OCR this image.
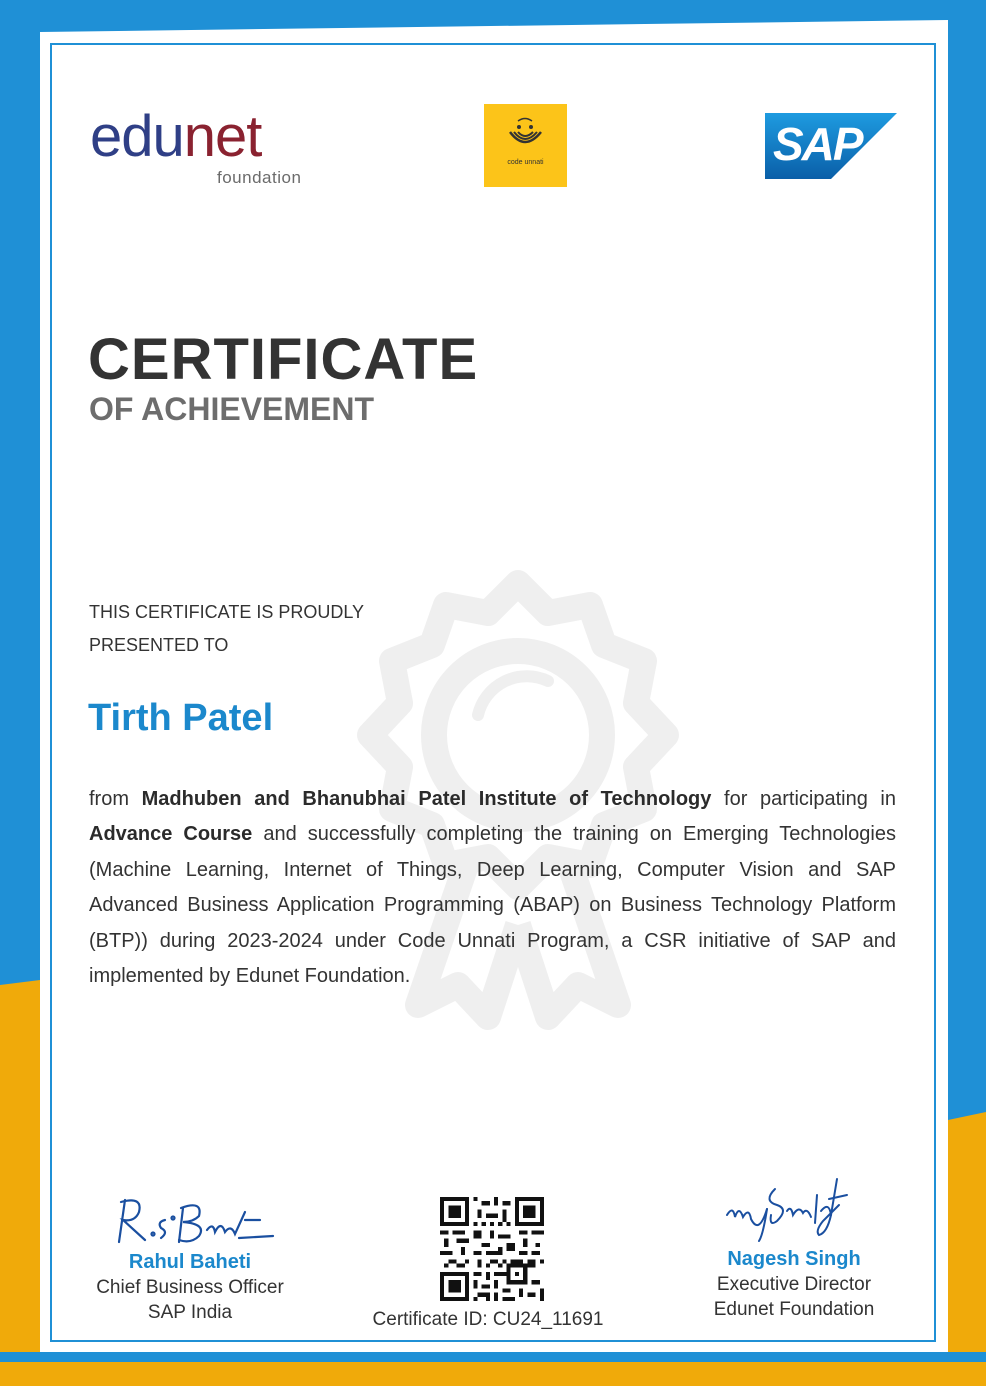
edunet
foundation
code unnati	SAP
CERTIFICATE
OF ACHIEVEMENT
THIS CERTIFICATE IS PROUDLY
PRESENTED TO
Tirth Patel
from Madhuben and Bhanubhai Patel Institute of Technology for participating in Advance Course and successfully completing the training on Emerging Technologies (Machine Learning, Internet of Things, Deep Learning, Computer Vision and SAP Advanced Business Application Programming (ABAP) on Business Technology Platform (BTP)) during 2023-2024 under Code Unnati Program, a CSR initiative of SAP and implemented by Edunet Foundation.
Rahul Baheti
Chief Business Officer
SAP India	Certificate ID: CU24_11691
Nagesh Singh
Executive Director
Edunet Foundation
